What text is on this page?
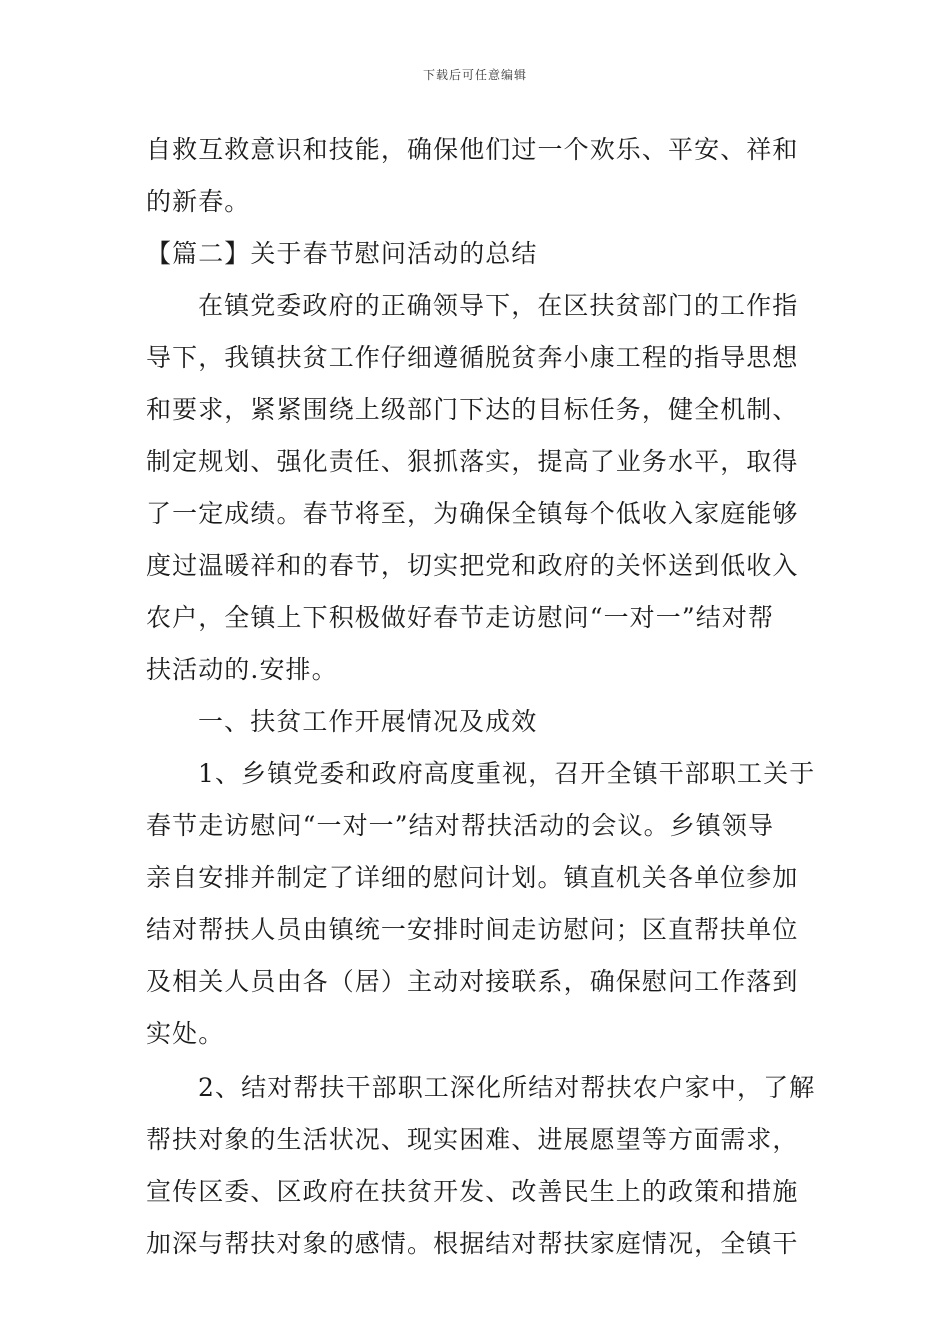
下载后可任意编辑
自救互救意识和技能，确保他们过一个欢乐、平安、祥和
的新春。
【篇二】关于春节慰问活动的总结
在镇党委政府的正确领导下，在区扶贫部门的工作指
导下，我镇扶贫工作仔细遵循脱贫奔小康工程的指导思想
和要求，紧紧围绕上级部门下达的目标任务，健全机制、
制定规划、强化责任、狠抓落实，提高了业务水平，取得
了一定成绩。春节将至，为确保全镇每个低收入家庭能够
度过温暖祥和的春节，切实把党和政府的关怀送到低收入
农户，全镇上下积极做好春节走访慰问“一对一”结对帮
扶活动的.安排。
一、扶贫工作开展情况及成效
1、乡镇党委和政府高度重视，召开全镇干部职工关于
春节走访慰问“一对一”结对帮扶活动的会议。乡镇领导
亲自安排并制定了详细的慰问计划。镇直机关各单位参加
结对帮扶人员由镇统一安排时间走访慰问；区直帮扶单位
及相关人员由各（居）主动对接联系，确保慰问工作落到
实处。
2、结对帮扶干部职工深化所结对帮扶农户家中，了解
帮扶对象的生活状况、现实困难、进展愿望等方面需求，
宣传区委、区政府在扶贫开发、改善民生上的政策和措施
加深与帮扶对象的感情。根据结对帮扶家庭情况，全镇干
